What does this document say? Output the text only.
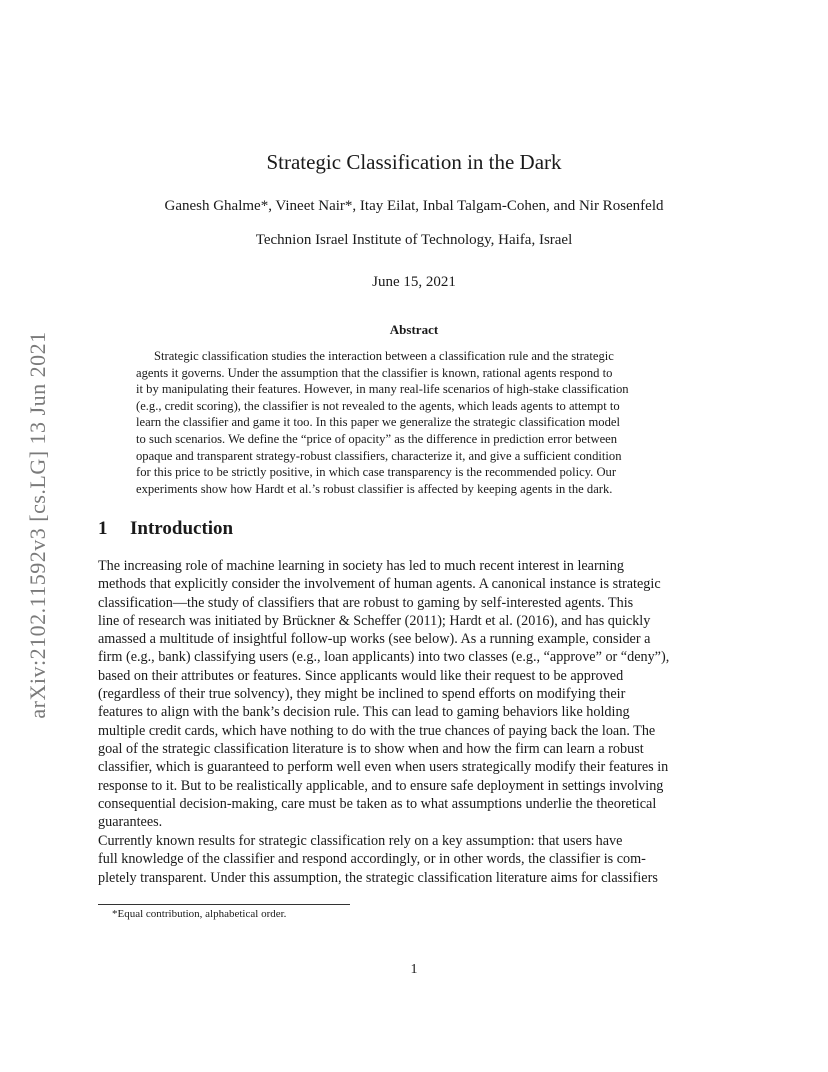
arXiv:2102.11592v3 [cs.LG] 13 Jun 2021
Strategic Classification in the Dark
Ganesh Ghalme*, Vineet Nair*, Itay Eilat, Inbal Talgam-Cohen, and Nir Rosenfeld
Technion Israel Institute of Technology, Haifa, Israel
June 15, 2021
Abstract
Strategic classification studies the interaction between a classification rule and the strategic
agents it governs. Under the assumption that the classifier is known, rational agents respond to
it by manipulating their features. However, in many real-life scenarios of high-stake classification
(e.g., credit scoring), the classifier is not revealed to the agents, which leads agents to attempt to
learn the classifier and game it too. In this paper we generalize the strategic classification model
to such scenarios. We define the “price of opacity” as the difference in prediction error between
opaque and transparent strategy-robust classifiers, characterize it, and give a sufficient condition
for this price to be strictly positive, in which case transparency is the recommended policy. Our
experiments show how Hardt et al.’s robust classifier is affected by keeping agents in the dark.
1 Introduction
The increasing role of machine learning in society has led to much recent interest in learning
methods that explicitly consider the involvement of human agents. A canonical instance is strategic
classification—the study of classifiers that are robust to gaming by self-interested agents. This
line of research was initiated by Brückner & Scheffer (2011); Hardt et al. (2016), and has quickly
amassed a multitude of insightful follow-up works (see below). As a running example, consider a
firm (e.g., bank) classifying users (e.g., loan applicants) into two classes (e.g., “approve” or “deny”),
based on their attributes or features. Since applicants would like their request to be approved
(regardless of their true solvency), they might be inclined to spend efforts on modifying their
features to align with the bank’s decision rule. This can lead to gaming behaviors like holding
multiple credit cards, which have nothing to do with the true chances of paying back the loan. The
goal of the strategic classification literature is to show when and how the firm can learn a robust
classifier, which is guaranteed to perform well even when users strategically modify their features in
response to it. But to be realistically applicable, and to ensure safe deployment in settings involving
consequential decision-making, care must be taken as to what assumptions underlie the theoretical
guarantees.
Currently known results for strategic classification rely on a key assumption: that users have
full knowledge of the classifier and respond accordingly, or in other words, the classifier is com-
pletely transparent. Under this assumption, the strategic classification literature aims for classifiers
*Equal contribution, alphabetical order.
1
